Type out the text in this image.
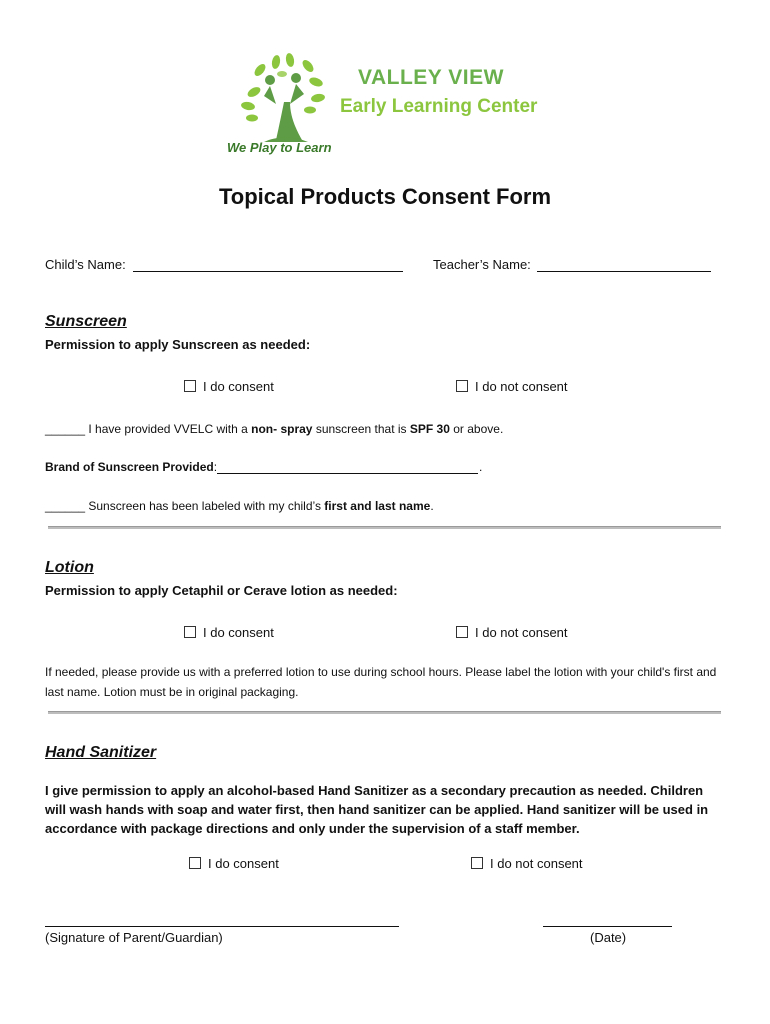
VALLEY VIEW
Early Learning Center
We Play to Learn
Topical Products Consent Form
Child’s Name:	Teacher’s Name:
Sunscreen
Permission to apply Sunscreen as needed:
I do consent	I do not consent
______ I have provided VVELC with a non- spray sunscreen that is SPF 30 or above.
Brand of Sunscreen Provided:	.
______ Sunscreen has been labeled with my child’s first and last name.
Lotion
Permission to apply Cetaphil or Cerave lotion as needed:
I do consent	I do not consent
If needed, please provide us with a preferred lotion to use during school hours. Please label the lotion with your child's first and last name. Lotion must be in original packaging.
Hand Sanitizer
I give permission to apply an alcohol-based Hand Sanitizer as a secondary precaution as needed. Children will wash hands with soap and water first, then hand sanitizer can be applied. Hand sanitizer will be used in accordance with package directions and only under the supervision of a staff member.
I do consent	I do not consent
(Signature of Parent/Guardian)	(Date)
